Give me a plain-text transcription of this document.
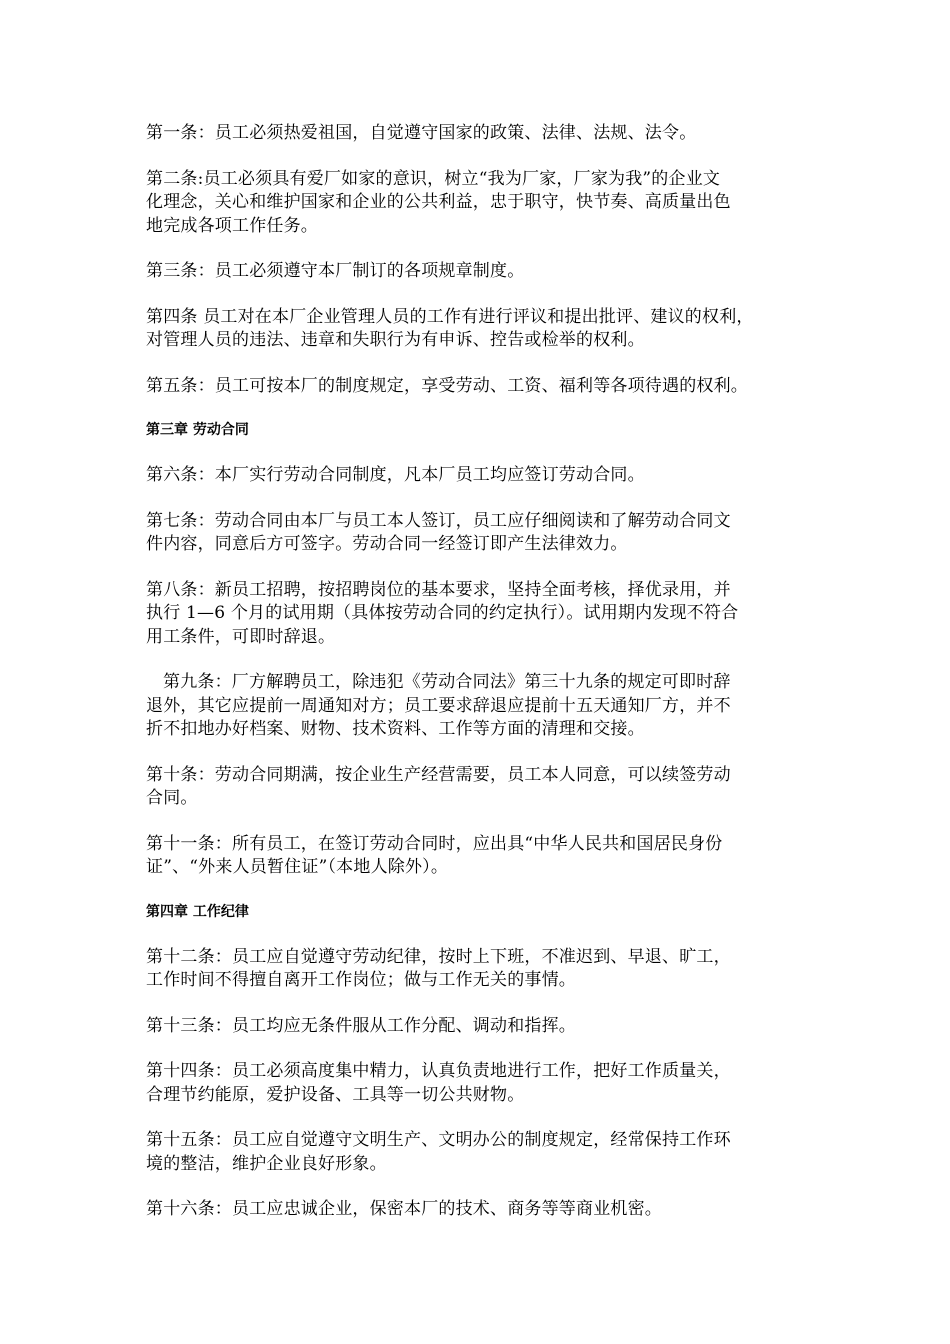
第一条：员工必须热爱祖国，自觉遵守国家的政策、法律、法规、法令。

第二条:员工必须具有爱厂如家的意识，树立“我为厂家，厂家为我”的企业文
化理念，关心和维护国家和企业的公共利益，忠于职守，快节奏、高质量出色
地完成各项工作任务。

第三条：员工必须遵守本厂制订的各项规章制度。

第四条 员工对在本厂企业管理人员的工作有进行评议和提出批评、建议的权利，
对管理人员的违法、违章和失职行为有申诉、控告或检举的权利。

第五条：员工可按本厂的制度规定，享受劳动、工资、福利等各项待遇的权利。

第三章 劳动合同

第六条：本厂实行劳动合同制度，凡本厂员工均应签订劳动合同。

第七条：劳动合同由本厂与员工本人签订，员工应仔细阅读和了解劳动合同文
件内容，同意后方可签字。劳动合同一经签订即产生法律效力。

第八条：新员工招聘，按招聘岗位的基本要求，坚持全面考核，择优录用，并
执行 1—6 个月的试用期（具体按劳动合同的约定执行）。试用期内发现不符合
用工条件，可即时辞退。

第九条：厂方解聘员工，除违犯《劳动合同法》第三十九条的规定可即时辞
退外，其它应提前一周通知对方；员工要求辞退应提前十五天通知厂方，并不
折不扣地办好档案、财物、技术资料、工作等方面的清理和交接。

第十条：劳动合同期满，按企业生产经营需要，员工本人同意，可以续签劳动
合同。

第十一条：所有员工，在签订劳动合同时，应出具“中华人民共和国居民身份
证”、“外来人员暂住证”（本地人除外）。

第四章 工作纪律

第十二条：员工应自觉遵守劳动纪律，按时上下班，不准迟到、早退、旷工，
工作时间不得擅自离开工作岗位；做与工作无关的事情。

第十三条：员工均应无条件服从工作分配、调动和指挥。

第十四条：员工必须高度集中精力，认真负责地进行工作，把好工作质量关，
合理节约能原，爱护设备、工具等一切公共财物。

第十五条：员工应自觉遵守文明生产、文明办公的制度规定，经常保持工作环
境的整洁，维护企业良好形象。

第十六条：员工应忠诚企业，保密本厂的技术、商务等等商业机密。
